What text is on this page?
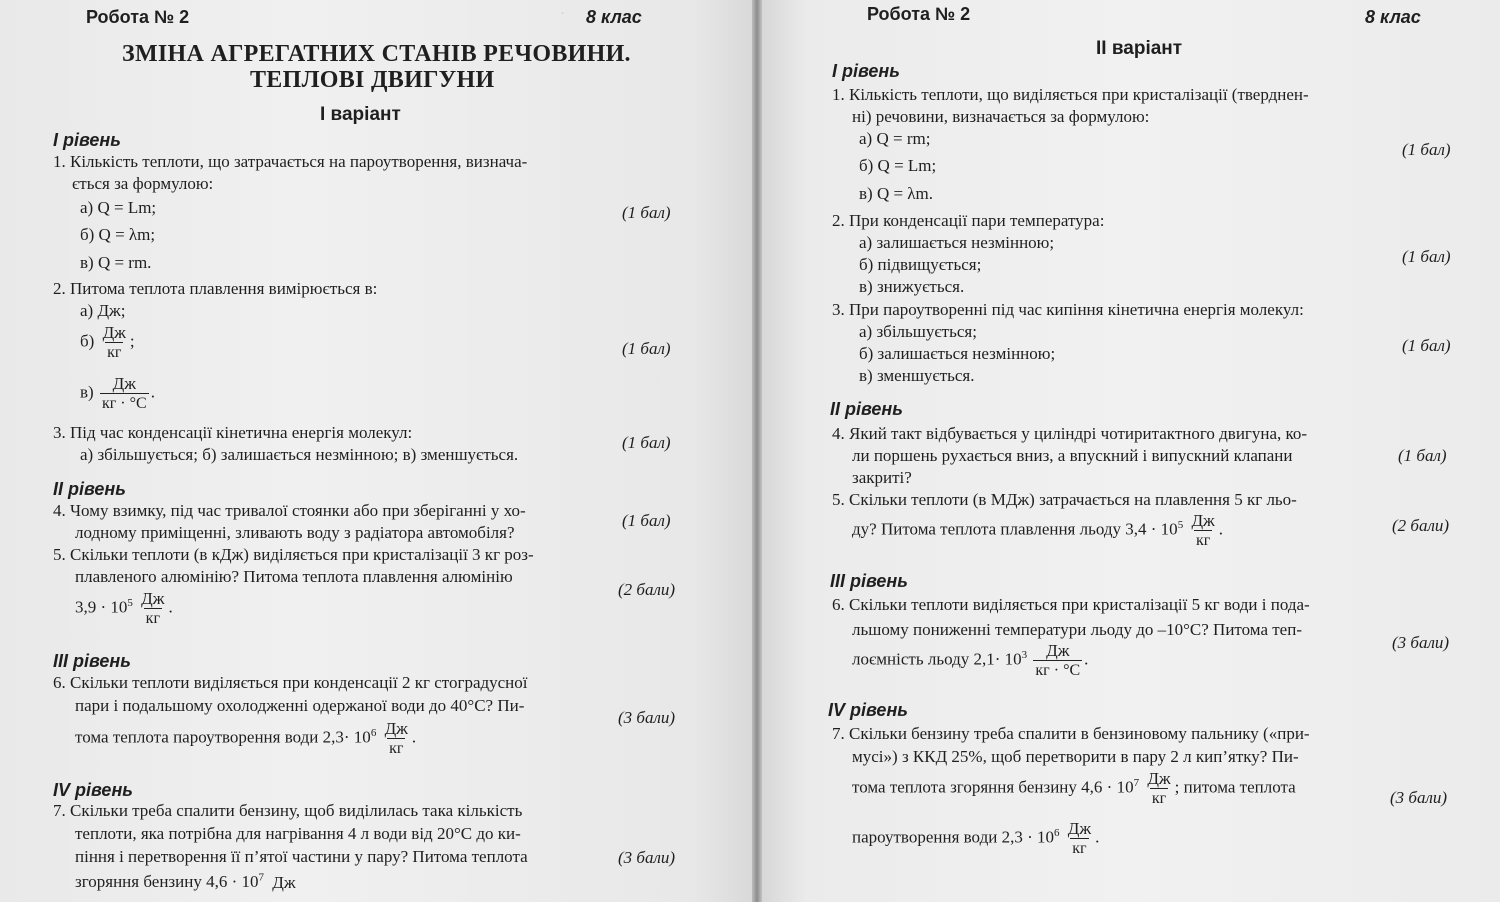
·
Робота № 2	8 клас
ЗМІНА АГРЕГАТНИХ СТАНІВ РЕЧОВИНИ.
ТЕПЛОВІ ДВИГУНИ
I варіант
I рівень
1. Кількість теплоти, що затрачається на пароутворення, визнача-
ється за формулою:
а) Q = Lm;
б) Q = λm;
в) Q = rm.
(1 бал)
2. Питома теплота плавлення вимірюється в:
а) Дж;
$б) \frac{Дж}{кг}$ ;
$в) \frac{Дж}{кг \cdot ^\circ С}$ .
(1 бал)
3. Під час конденсації кінетична енергія молекул:
а) збільшується; б) залишається незмінною; в) зменшується.
(1 бал)
II рівень
4. Чому взимку, під час тривалої стоянки або при зберіганні у хо-
лодному приміщенні, зливають воду з радіатора автомобіля?
(1 бал)
5. Скільки теплоти (в кДж) виділяється при кристалізації 3 кг роз-
плавленого алюмінію? Питома теплота плавлення алюмінію
$3,9 \cdot 10^5 \frac{Дж}{кг}$ .
(2 бали)
III рівень
6. Скільки теплоти виділяється при конденсації 2 кг стоградусної
пари і подальшому охолодженні одержаної води до 40°С? Пи-
тома теплота пароутворення води $2,3\cdot 10^6 \frac{Дж}{кг}$ .
(3 бали)
IV рівень
7. Скільки треба спалити бензину, щоб виділилась така кількість
теплоти, яка потрібна для нагрівання 4 л води від 20°С до ки-
піння і перетворення її п’ятої частини у пару? Питома теплота
згоряння бензину $4,6 \cdot 10^7$ Дж
(3 бали)
Робота № 2	8 клас
II варіант
I рівень
1. Кількість теплоти, що виділяється при кристалізації (тверднен-
ні) речовини, визначається за формулою:
а) Q = rm;
б) Q = Lm;
в) Q = λm.
(1 бал)
2. При конденсації пари температура:
а) залишається незмінною;
б) підвищується;
в) знижується.
(1 бал)
3. При пароутворенні під час кипіння кінетична енергія молекул:
а) збільшується;
б) залишається незмінною;
в) зменшується.
(1 бал)
II рівень
4. Який такт відбувається у циліндрі чотиритактного двигуна, ко-
ли поршень рухається вниз, а впускний і випускний клапани
закриті?
(1 бал)
5. Скільки теплоти (в МДж) затрачається на плавлення 5 кг льо-
ду? Питома теплота плавлення льоду $3,4 \cdot 10^5 \frac{Дж}{кг}$ .	(2 бали)
III рівень
6. Скільки теплоти виділяється при кристалізації 5 кг води і пода-
льшому пониженні температури льоду до –10°С? Питома теп-
лоємність льоду $2,1\cdot 10^3 \frac{Дж}{кг \cdot ^\circ С}$ .
(3 бали)
IV рівень
7. Скільки бензину треба спалити в бензиновому пальнику («при-
мусі») з ККД 25%, щоб перетворити в пару 2 л кип’ятку? Пи-
тома теплота згоряння бензину $4,6 \cdot 10^7 \frac{Дж}{кг}$ ; питома теплота
пароутворення води $2,3 \cdot 10^6 \frac{Дж}{кг}$ .
(3 бали)
